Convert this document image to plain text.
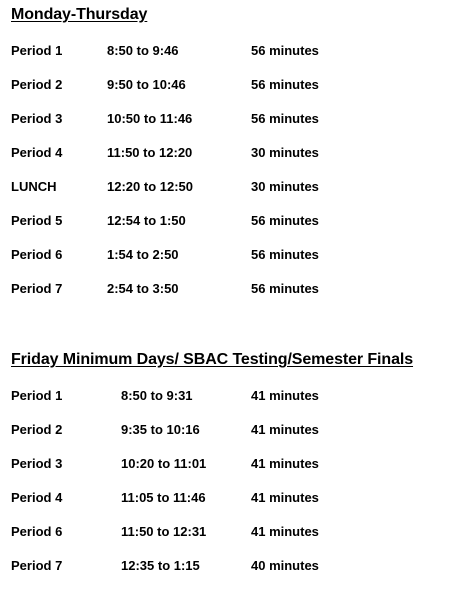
Monday-Thursday
Period 1	8:50 to 9:46	56 minutes
Period 2	9:50 to 10:46	56 minutes
Period 3	10:50 to 11:46	56 minutes
Period 4	11:50 to 12:20	30 minutes
LUNCH	12:20 to 12:50	30 minutes
Period 5	12:54 to 1:50	56 minutes
Period 6	1:54 to 2:50	56 minutes
Period 7	2:54 to 3:50	56 minutes
Friday Minimum Days/ SBAC Testing/Semester Finals
Period 1	8:50 to 9:31	41 minutes
Period 2	9:35 to 10:16	41 minutes
Period 3	10:20 to 11:01	41 minutes
Period 4	11:05 to 11:46	41 minutes
Period 6	11:50 to 12:31	41 minutes
Period 7	12:35 to 1:15	40 minutes
